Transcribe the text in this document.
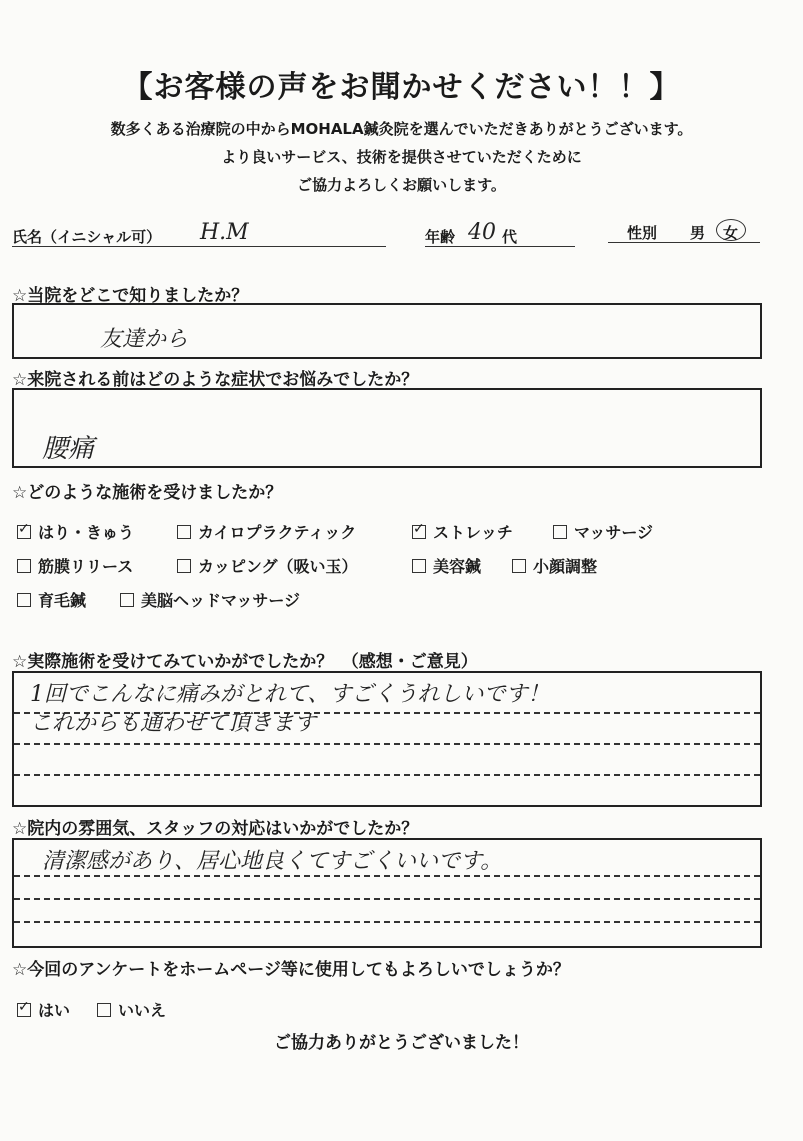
【お客様の声をお聞かせください！！】
数多くある治療院の中からMOHALA鍼灸院を選んでいただきありがとうございます。
より良いサービス、技術を提供させていただくために
ご協力よろしくお願いします。
氏名（イニシャル可） H.M	年齢 40 代	性別 男 女
☆当院をどこで知りましたか？
友達から
☆来院される前はどのような症状でお悩みでしたか？
腰痛
☆どのような施術を受けましたか？
✓はり・きゅう	カイロプラクティック
✓	ストレッチ	マッサージ
筋膜リリース	カッピング（吸い玉）	美容鍼	小顔調整
育毛鍼	美脳ヘッドマッサージ
☆実際施術を受けてみていかがでしたか？　（感想・ご意見）
1回でこんなに痛みがとれて、すごくうれしいです！
これからも通わせて頂きます
☆院内の雰囲気、スタッフの対応はいかがでしたか？
清潔感があり、居心地良くてすごくいいです。
☆今回のアンケートをホームページ等に使用してもよろしいでしょうか？
✓はい	いいえ
ご協力ありがとうございました！
